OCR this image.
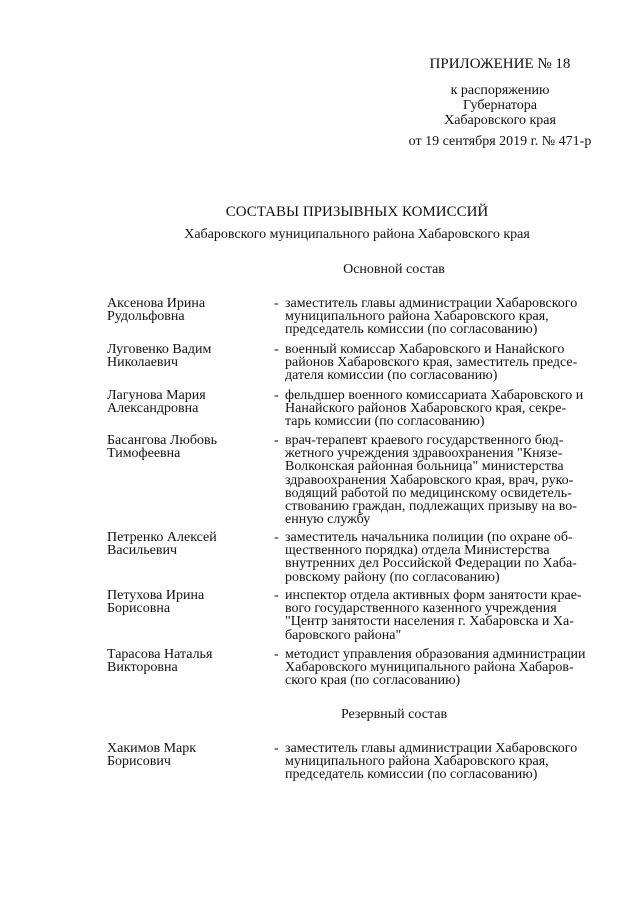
ПРИЛОЖЕНИЕ № 18
к распоряжению
Губернатора
Хабаровского края
от 19 сентября 2019 г. № 471-р
СОСТАВЫ ПРИЗЫВНЫХ КОМИССИЙ
Хабаровского муниципального района Хабаровского края
Основной состав
Аксенова Ирина
Рудольфовна
- заместитель главы администрации Хабаровского
муниципального района Хабаровского края,
председатель комиссии (по согласованию)
Луговенко Вадим
Николаевич
- военный комиссар Хабаровского и Нанайского
районов Хабаровского края, заместитель предсе-
дателя комиссии (по согласованию)
Лагунова Мария
Александровна
- фельдшер военного комиссариата Хабаровского и
Нанайского районов Хабаровского края, секре-
тарь комиссии (по согласованию)
Басангова Любовь
Тимофеевна
- врач-терапевт краевого государственного бюд-
жетного учреждения здравоохранения "Князе-
Волконская районная больница" министерства
здравоохранения Хабаровского края, врач, руко-
водящий работой по медицинскому освидетель-
ствованию граждан, подлежащих призыву на во-
енную службу
Петренко Алексей
Васильевич
- заместитель начальника полиции (по охране об-
щественного порядка) отдела Министерства
внутренних дел Российской Федерации по Хаба-
ровскому району (по согласованию)
Петухова Ирина
Борисовна
- инспектор отдела активных форм занятости крае-
вого государственного казенного учреждения
"Центр занятости населения г. Хабаровска и Ха-
баровского района"
Тарасова Наталья
Викторовна
- методист управления образования администрации
Хабаровского муниципального района Хабаров-
ского края (по согласованию)
Резервный состав
Хакимов Марк
Борисович
- заместитель главы администрации Хабаровского
муниципального района Хабаровского края,
председатель комиссии (по согласованию)
